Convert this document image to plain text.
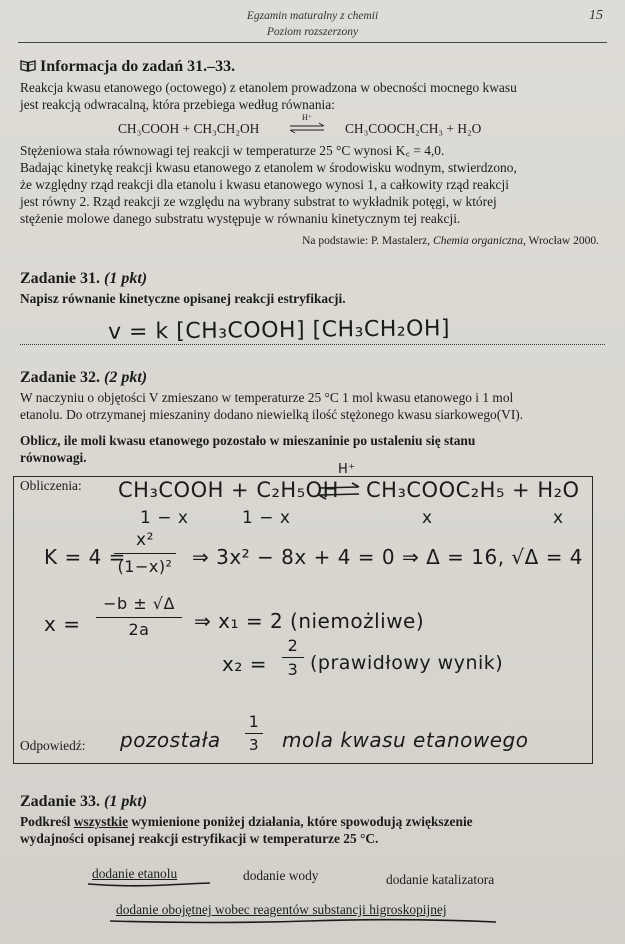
Egzamin maturalny z chemii
Poziom rozszerzony
15
Informacja do zadań 31.–33.
Reakcja kwasu etanowego (octowego) z etanolem prowadzona w obecności mocnego kwasu
jest reakcją odwracalną, która przebiega według równania:
CH₃COOH + CH₃CH₂OH
H⁺
⇌ CH₃COOCH₂CH₃ + H₂O
Stężeniowa stała równowagi tej reakcji w temperaturze 25 °C wynosi K꜀ = 4,0.
Badając kinetykę reakcji kwasu etanowego z etanolem w środowisku wodnym, stwierdzono,
że względny rząd reakcji dla etanolu i kwasu etanowego wynosi 1, a całkowity rząd reakcji
jest równy 2. Rząd reakcji ze względu na wybrany substrat to wykładnik potęgi, w której
stężenie molowe danego substratu występuje w równaniu kinetycznym tej reakcji.
Na podstawie: P. Mastalerz, Chemia organiczna, Wrocław 2000.
Zadanie 31. (1 pkt)
Napisz równanie kinetyczne opisanej reakcji estryfikacji.
v = k [CH₃COOH] [CH₃CH₂OH]
Zadanie 32. (2 pkt)
W naczyniu o objętości V zmieszano w temperaturze 25 °C 1 mol kwasu etanowego i 1 mol
etanolu. Do otrzymanej mieszaniny dodano niewielką ilość stężonego kwasu siarkowego(VI).
Oblicz, ile moli kwasu etanowego pozostało w mieszaninie po ustaleniu się stanu
równowagi.
Obliczenia: CH₃COOH + C₂H₅OH
H⁺
CH₃COOC₂H₅ + H₂O
1 − x	1 − x	x	x
K = 4 =
x²
(1−x)² ⇒ 3x² − 8x + 4 = 0 ⇒ Δ = 16, √Δ = 4
x =
−b ± √Δ
2a	⇒ x₁ = 2 (niemożliwe)
x₂ =
2
3 (prawidłowy wynik)
Odpowiedź: pozostała
1
3 mola kwasu etanowego
Zadanie 33. (1 pkt)
Podkreśl wszystkie wymienione poniżej działania, które spowodują zwiększenie
wydajności opisanej reakcji estryfikacji w temperaturze 25 °C.
dodanie etanolu	dodanie wody	dodanie katalizatora
dodanie obojętnej wobec reagentów substancji higroskopijnej
